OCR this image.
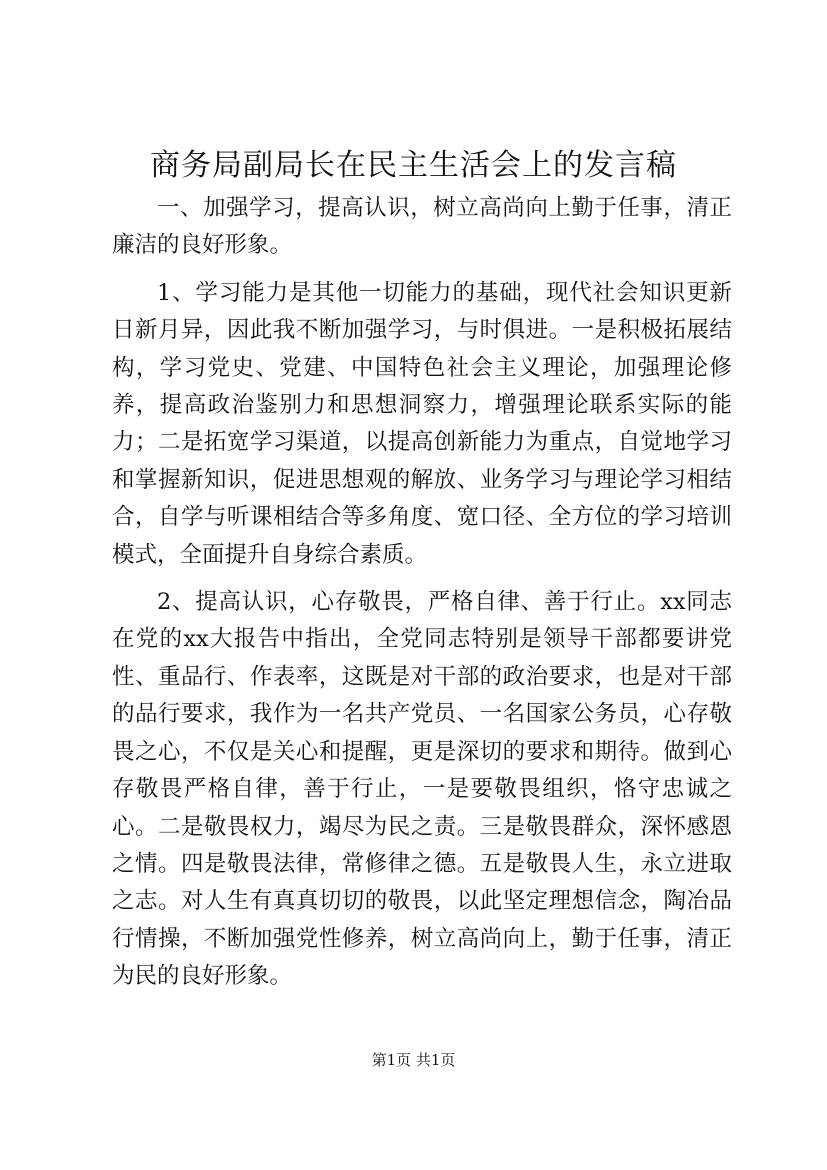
商务局副局长在民主生活会上的发言稿

一、加强学习，提高认识，树立高尚向上勤于任事，清正廉洁的良好形象。

1、学习能力是其他一切能力的基础，现代社会知识更新日新月异，因此我不断加强学习，与时俱进。一是积极拓展结构，学习党史、党建、中国特色社会主义理论，加强理论修养，提高政治鉴别力和思想洞察力，增强理论联系实际的能力；二是拓宽学习渠道，以提高创新能力为重点，自觉地学习和掌握新知识，促进思想观的解放、业务学习与理论学习相结合，自学与听课相结合等多角度、宽口径、全方位的学习培训模式，全面提升自身综合素质。

2、提高认识，心存敬畏，严格自律、善于行止。xx同志在党的xx大报告中指出，全党同志特别是领导干部都要讲党性、重品行、作表率，这既是对干部的政治要求，也是对干部的品行要求，我作为一名共产党员、一名国家公务员，心存敬畏之心，不仅是关心和提醒，更是深切的要求和期待。做到心存敬畏严格自律，善于行止，一是要敬畏组织，恪守忠诚之心。二是敬畏权力，竭尽为民之责。三是敬畏群众，深怀感恩之情。四是敬畏法律，常修律之德。五是敬畏人生，永立进取之志。对人生有真真切切的敬畏，以此坚定理想信念，陶冶品行情操，不断加强党性修养，树立高尚向上，勤于任事，清正为民的良好形象。

第1页 共1页
